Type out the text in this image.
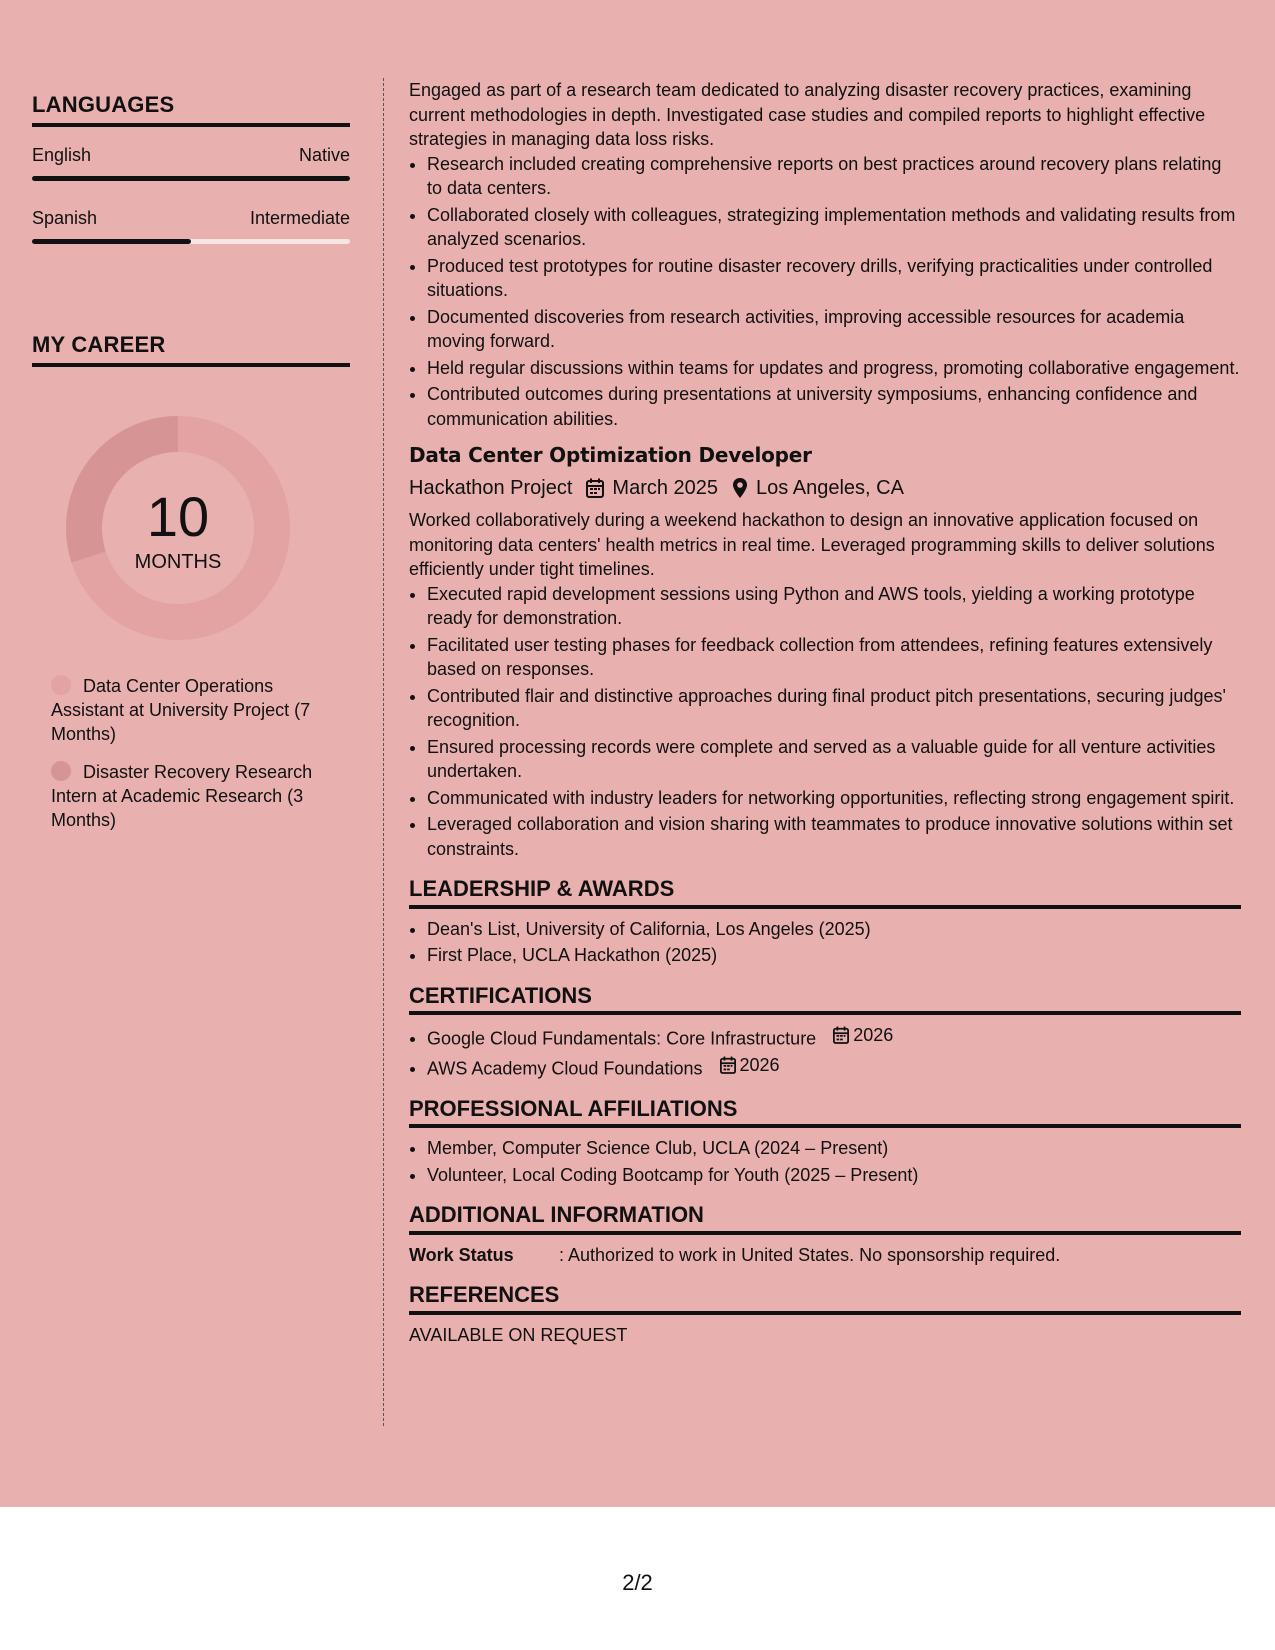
LANGUAGES
English	Native
Spanish	Intermediate
MY CAREER
10
MONTHS
Data Center Operations Assistant at University Project (7 Months)
Disaster Recovery Research Intern at Academic Research (3 Months)

Engaged as part of a research team dedicated to analyzing disaster recovery practices, examining current methodologies in depth. Investigated case studies and compiled reports to highlight effective strategies in managing data loss risks.

• Research included creating comprehensive reports on best practices around recovery plans relating to data centers.
• Collaborated closely with colleagues, strategizing implementation methods and validating results from analyzed scenarios.
• Produced test prototypes for routine disaster recovery drills, verifying practicalities under controlled situations.
• Documented discoveries from research activities, improving accessible resources for academia moving forward.
• Held regular discussions within teams for updates and progress, promoting collaborative engagement.
• Contributed outcomes during presentations at university symposiums, enhancing confidence and communication abilities.
Data Center Optimization Developer
Hackathon Project March 2025 Los Angeles, CA

Worked collaboratively during a weekend hackathon to design an innovative application focused on monitoring data centers' health metrics in real time. Leveraged programming skills to deliver solutions efficiently under tight timelines.

• Executed rapid development sessions using Python and AWS tools, yielding a working prototype ready for demonstration.
• Facilitated user testing phases for feedback collection from attendees, refining features extensively based on responses.
• Contributed flair and distinctive approaches during final product pitch presentations, securing judges' recognition.
• Ensured processing records were complete and served as a valuable guide for all venture activities undertaken.
• Communicated with industry leaders for networking opportunities, reflecting strong engagement spirit.
• Leveraged collaboration and vision sharing with teammates to produce innovative solutions within set constraints.
LEADERSHIP & AWARDS
• Dean's List, University of California, Los Angeles (2025)
• First Place, UCLA Hackathon (2025)
CERTIFICATIONS
• Google Cloud Fundamentals: Core Infrastructure 2026
• AWS Academy Cloud Foundations 2026
PROFESSIONAL AFFILIATIONS
• Member, Computer Science Club, UCLA (2024 – Present)
• Volunteer, Local Coding Bootcamp for Youth (2025 – Present)
ADDITIONAL INFORMATION
Work Status	: Authorized to work in United States. No sponsorship required.
REFERENCES

AVAILABLE ON REQUEST

2/2
